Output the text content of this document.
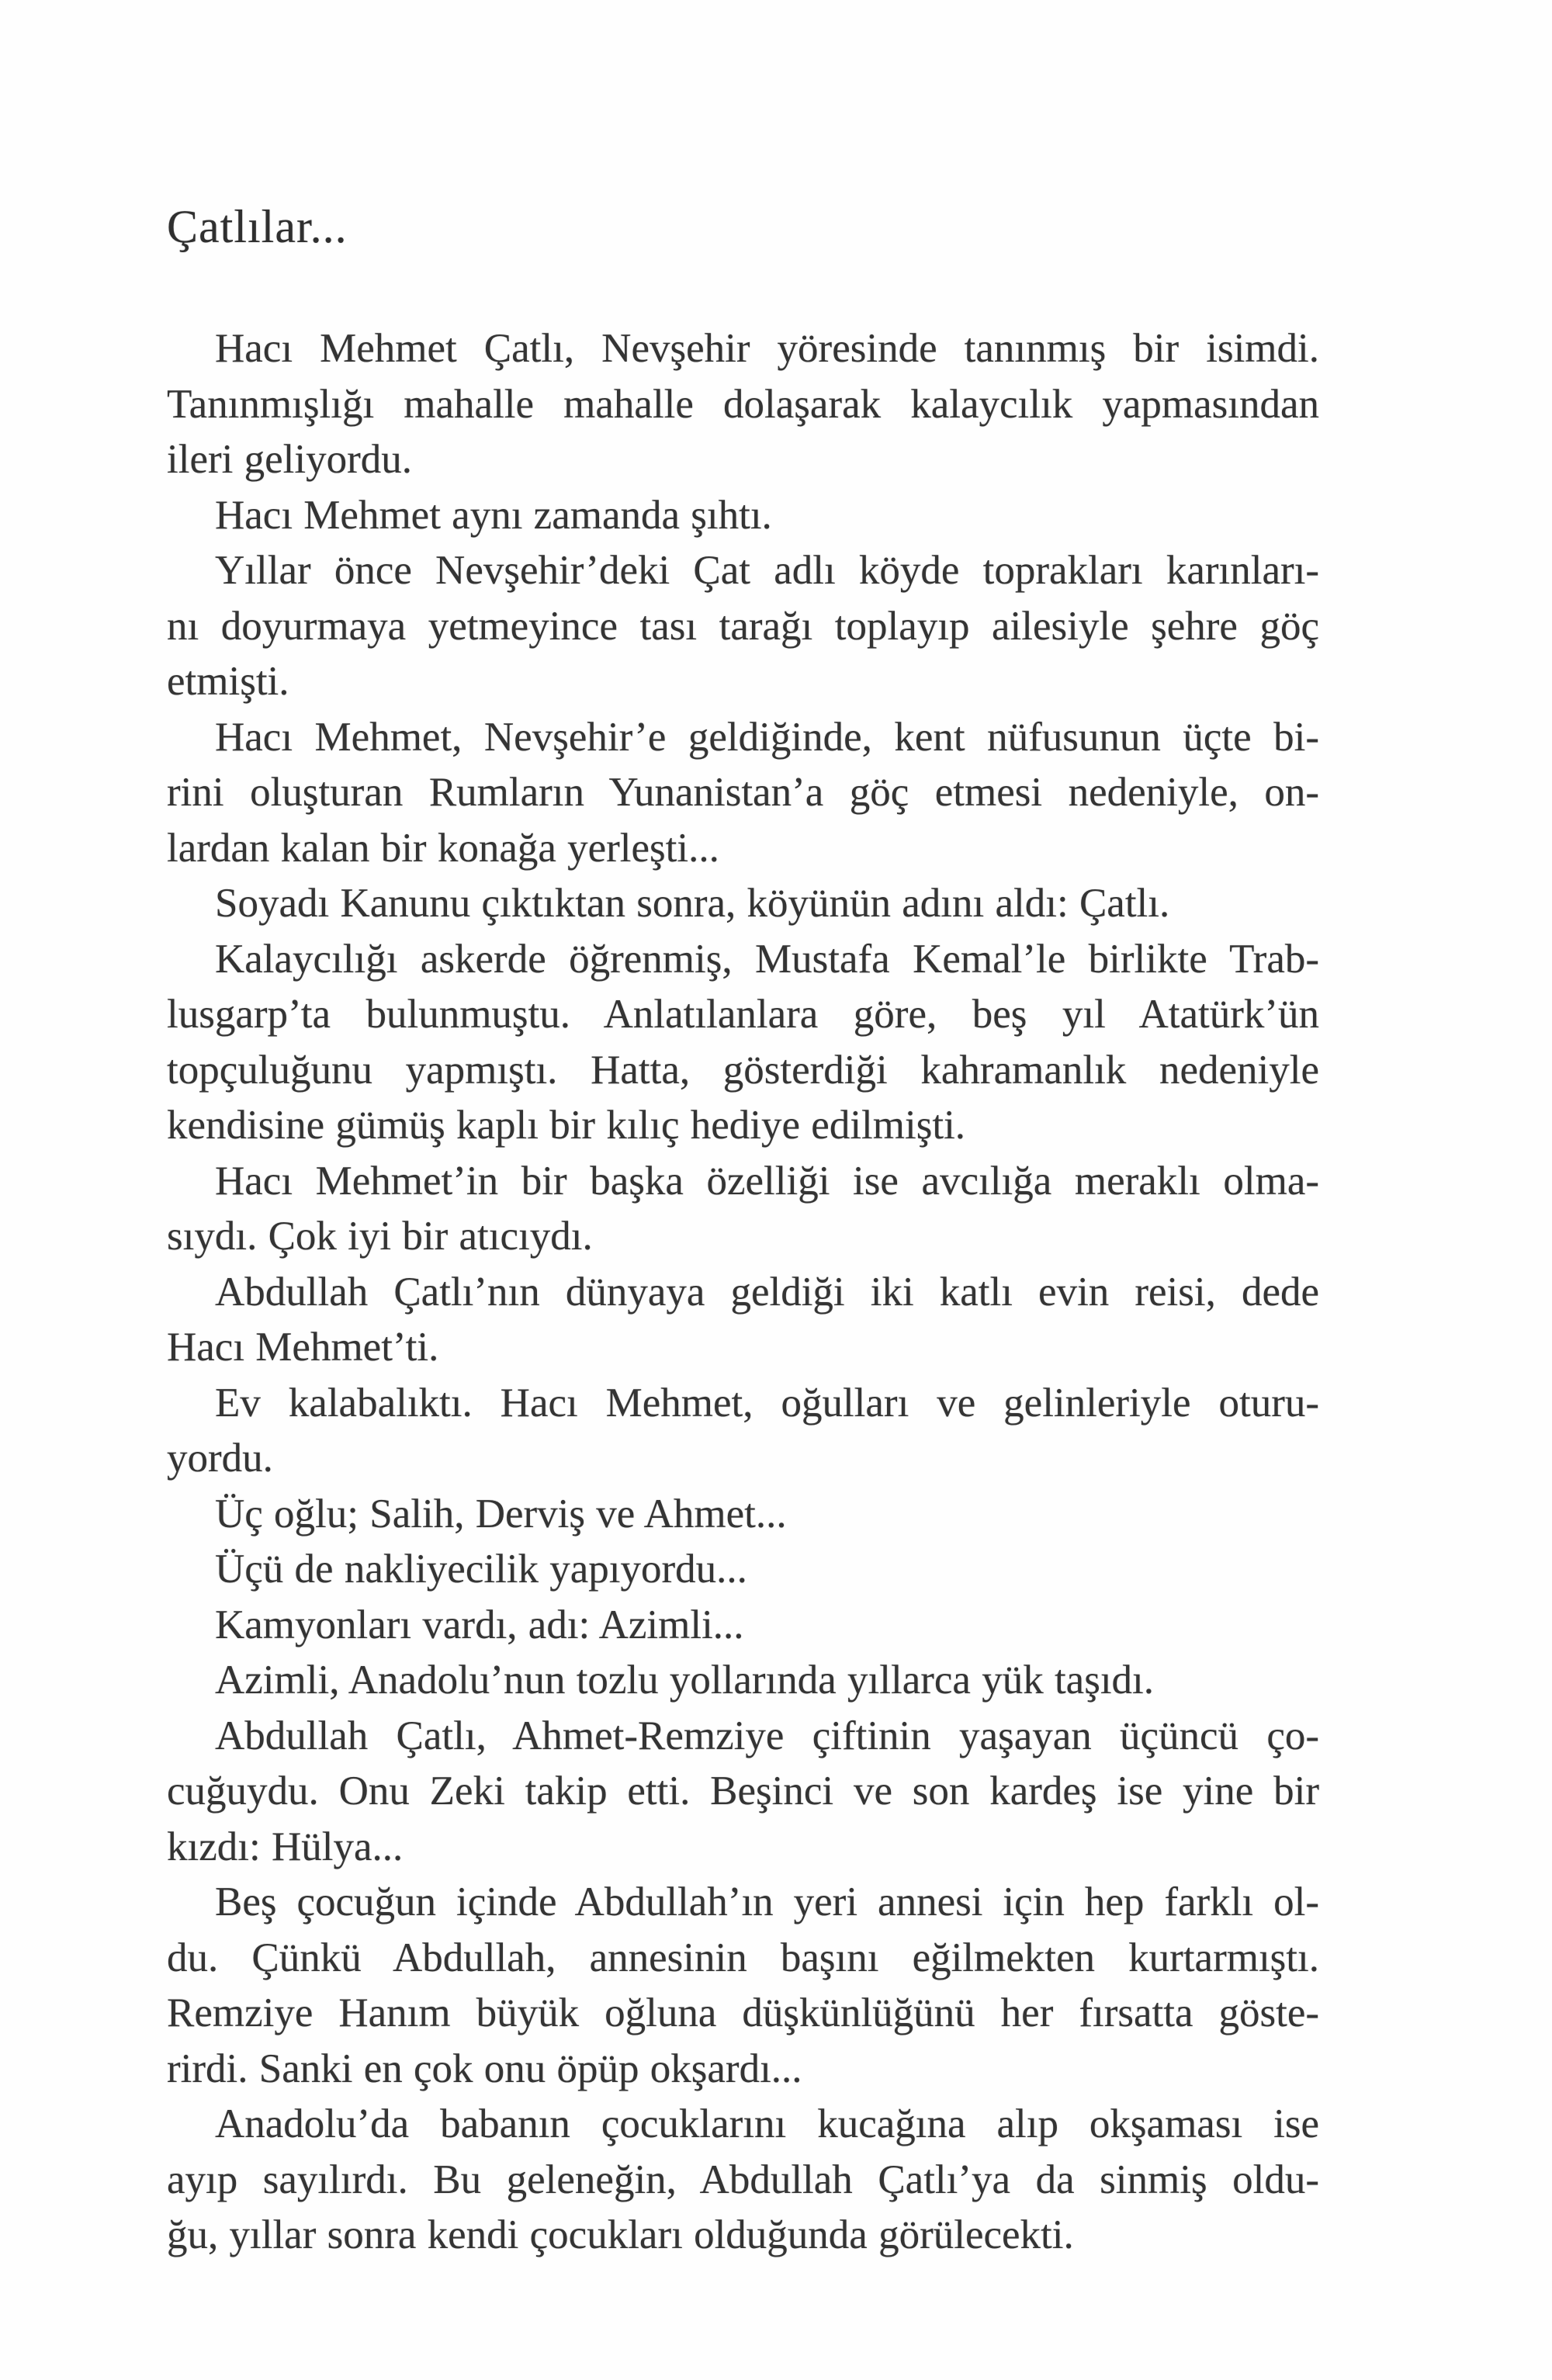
Çatlılar...
Hacı Mehmet Çatlı, Nevşehir yöresinde tanınmış bir isimdi.
Tanınmışlığı mahalle mahalle dolaşarak kalaycılık yapmasından
ileri geliyordu.
Hacı Mehmet aynı zamanda şıhtı.
Yıllar önce Nevşehir’deki Çat adlı köyde toprakları karınları-
nı doyurmaya yetmeyince tası tarağı toplayıp ailesiyle şehre göç
etmişti.
Hacı Mehmet, Nevşehir’e geldiğinde, kent nüfusunun üçte bi-
rini oluşturan Rumların Yunanistan’a göç etmesi nedeniyle, on-
lardan kalan bir konağa yerleşti...
Soyadı Kanunu çıktıktan sonra, köyünün adını aldı: Çatlı.
Kalaycılığı askerde öğrenmiş, Mustafa Kemal’le birlikte Trab-
lusgarp’ta bulunmuştu. Anlatılanlara göre, beş yıl Atatürk’ün
topçuluğunu yapmıştı. Hatta, gösterdiği kahramanlık nedeniyle
kendisine gümüş kaplı bir kılıç hediye edilmişti.
Hacı Mehmet’in bir başka özelliği ise avcılığa meraklı olma-
sıydı. Çok iyi bir atıcıydı.
Abdullah Çatlı’nın dünyaya geldiği iki katlı evin reisi, dede
Hacı Mehmet’ti.
Ev kalabalıktı. Hacı Mehmet, oğulları ve gelinleriyle oturu-
yordu.
Üç oğlu; Salih, Derviş ve Ahmet...
Üçü de nakliyecilik yapıyordu...
Kamyonları vardı, adı: Azimli...
Azimli, Anadolu’nun tozlu yollarında yıllarca yük taşıdı.
Abdullah Çatlı, Ahmet-Remziye çiftinin yaşayan üçüncü ço-
cuğuydu. Onu Zeki takip etti. Beşinci ve son kardeş ise yine bir
kızdı: Hülya...
Beş çocuğun içinde Abdullah’ın yeri annesi için hep farklı ol-
du. Çünkü Abdullah, annesinin başını eğilmekten kurtarmıştı.
Remziye Hanım büyük oğluna düşkünlüğünü her fırsatta göste-
rirdi. Sanki en çok onu öpüp okşardı...
Anadolu’da babanın çocuklarını kucağına alıp okşaması ise
ayıp sayılırdı. Bu geleneğin, Abdullah Çatlı’ya da sinmiş oldu-
ğu, yıllar sonra kendi çocukları olduğunda görülecekti.
